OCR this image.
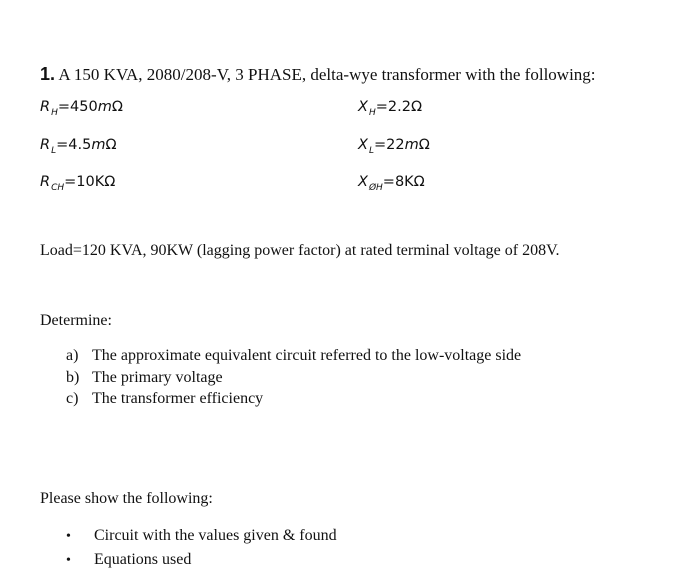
1. A 150 KVA, 2080/208-V, 3 PHASE, delta-wye transformer with the following:
$R_H=450m\Omega$	$X_H=2.2\Omega$
$R_L=4.5m\Omega$	$X_L=22m\Omega$
$R_{CH}=10K\Omega$	$X_{ØH}=8K\Omega$
Load=120 KVA, 90KW (lagging power factor) at rated terminal voltage of 208V.
Determine:
a) The approximate equivalent circuit referred to the low-voltage side
b) The primary voltage
c) The transformer efficiency
Please show the following:
• Circuit with the values given & found
• Equations used
